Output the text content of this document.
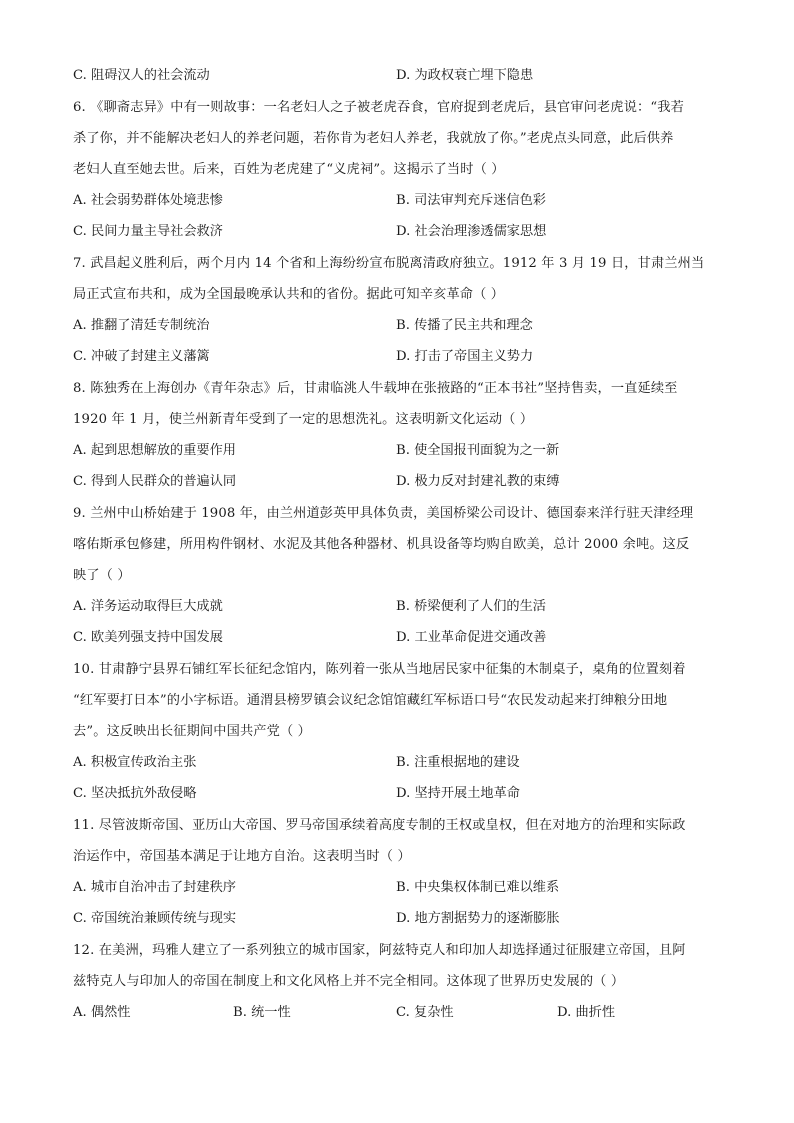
C. 阻碍汉人的社会流动	D. 为政权衰亡埋下隐患
6. 《聊斋志异》中有一则故事：一名老妇人之子被老虎吞食，官府捉到老虎后，县官审问老虎说：“我若
杀了你，并不能解决老妇人的养老问题，若你肯为老妇人养老，我就放了你。”老虎点头同意，此后供养
老妇人直至她去世。后来，百姓为老虎建了“义虎祠”。这揭示了当时（ ）
A. 社会弱势群体处境悲惨	B. 司法审判充斥迷信色彩
C. 民间力量主导社会救济	D. 社会治理渗透儒家思想
7. 武昌起义胜利后，两个月内 14 个省和上海纷纷宣布脱离清政府独立。1912 年 3 月 19 日，甘肃兰州当
局正式宣布共和，成为全国最晚承认共和的省份。据此可知辛亥革命（ ）
A. 推翻了清廷专制统治	B. 传播了民主共和理念
C. 冲破了封建主义藩篱	D. 打击了帝国主义势力
8. 陈独秀在上海创办《青年杂志》后，甘肃临洮人牛载坤在张掖路的“正本书社”坚持售卖，一直延续至
1920 年 1 月，使兰州新青年受到了一定的思想洗礼。这表明新文化运动（ ）
A. 起到思想解放的重要作用	B. 使全国报刊面貌为之一新
C. 得到人民群众的普遍认同	D. 极力反对封建礼教的束缚
9. 兰州中山桥始建于 1908 年，由兰州道彭英甲具体负责，美国桥梁公司设计、德国泰来洋行驻天津经理
喀佑斯承包修建，所用构件钢材、水泥及其他各种器材、机具设备等均购自欧美，总计 2000 余吨。这反
映了（ ）
A. 洋务运动取得巨大成就	B. 桥梁便利了人们的生活
C. 欧美列强支持中国发展	D. 工业革命促进交通改善
10. 甘肃静宁县界石铺红军长征纪念馆内，陈列着一张从当地居民家中征集的木制桌子，桌角的位置刻着
“红军要打日本”的小字标语。通渭县榜罗镇会议纪念馆馆藏红军标语口号“农民发动起来打绅粮分田地
去”。这反映出长征期间中国共产党（ ）
A. 积极宣传政治主张	B. 注重根据地的建设
C. 坚决抵抗外敌侵略	D. 坚持开展土地革命
11. 尽管波斯帝国、亚历山大帝国、罗马帝国承续着高度专制的王权或皇权，但在对地方的治理和实际政
治运作中，帝国基本满足于让地方自治。这表明当时（ ）
A. 城市自治冲击了封建秩序	B. 中央集权体制已难以维系
C. 帝国统治兼顾传统与现实	D. 地方割据势力的逐渐膨胀
12. 在美洲，玛雅人建立了一系列独立的城市国家，阿兹特克人和印加人却选择通过征服建立帝国，且阿
兹特克人与印加人的帝国在制度上和文化风格上并不完全相同。这体现了世界历史发展的（ ）
A. 偶然性	B. 统一性	C. 复杂性	D. 曲折性
